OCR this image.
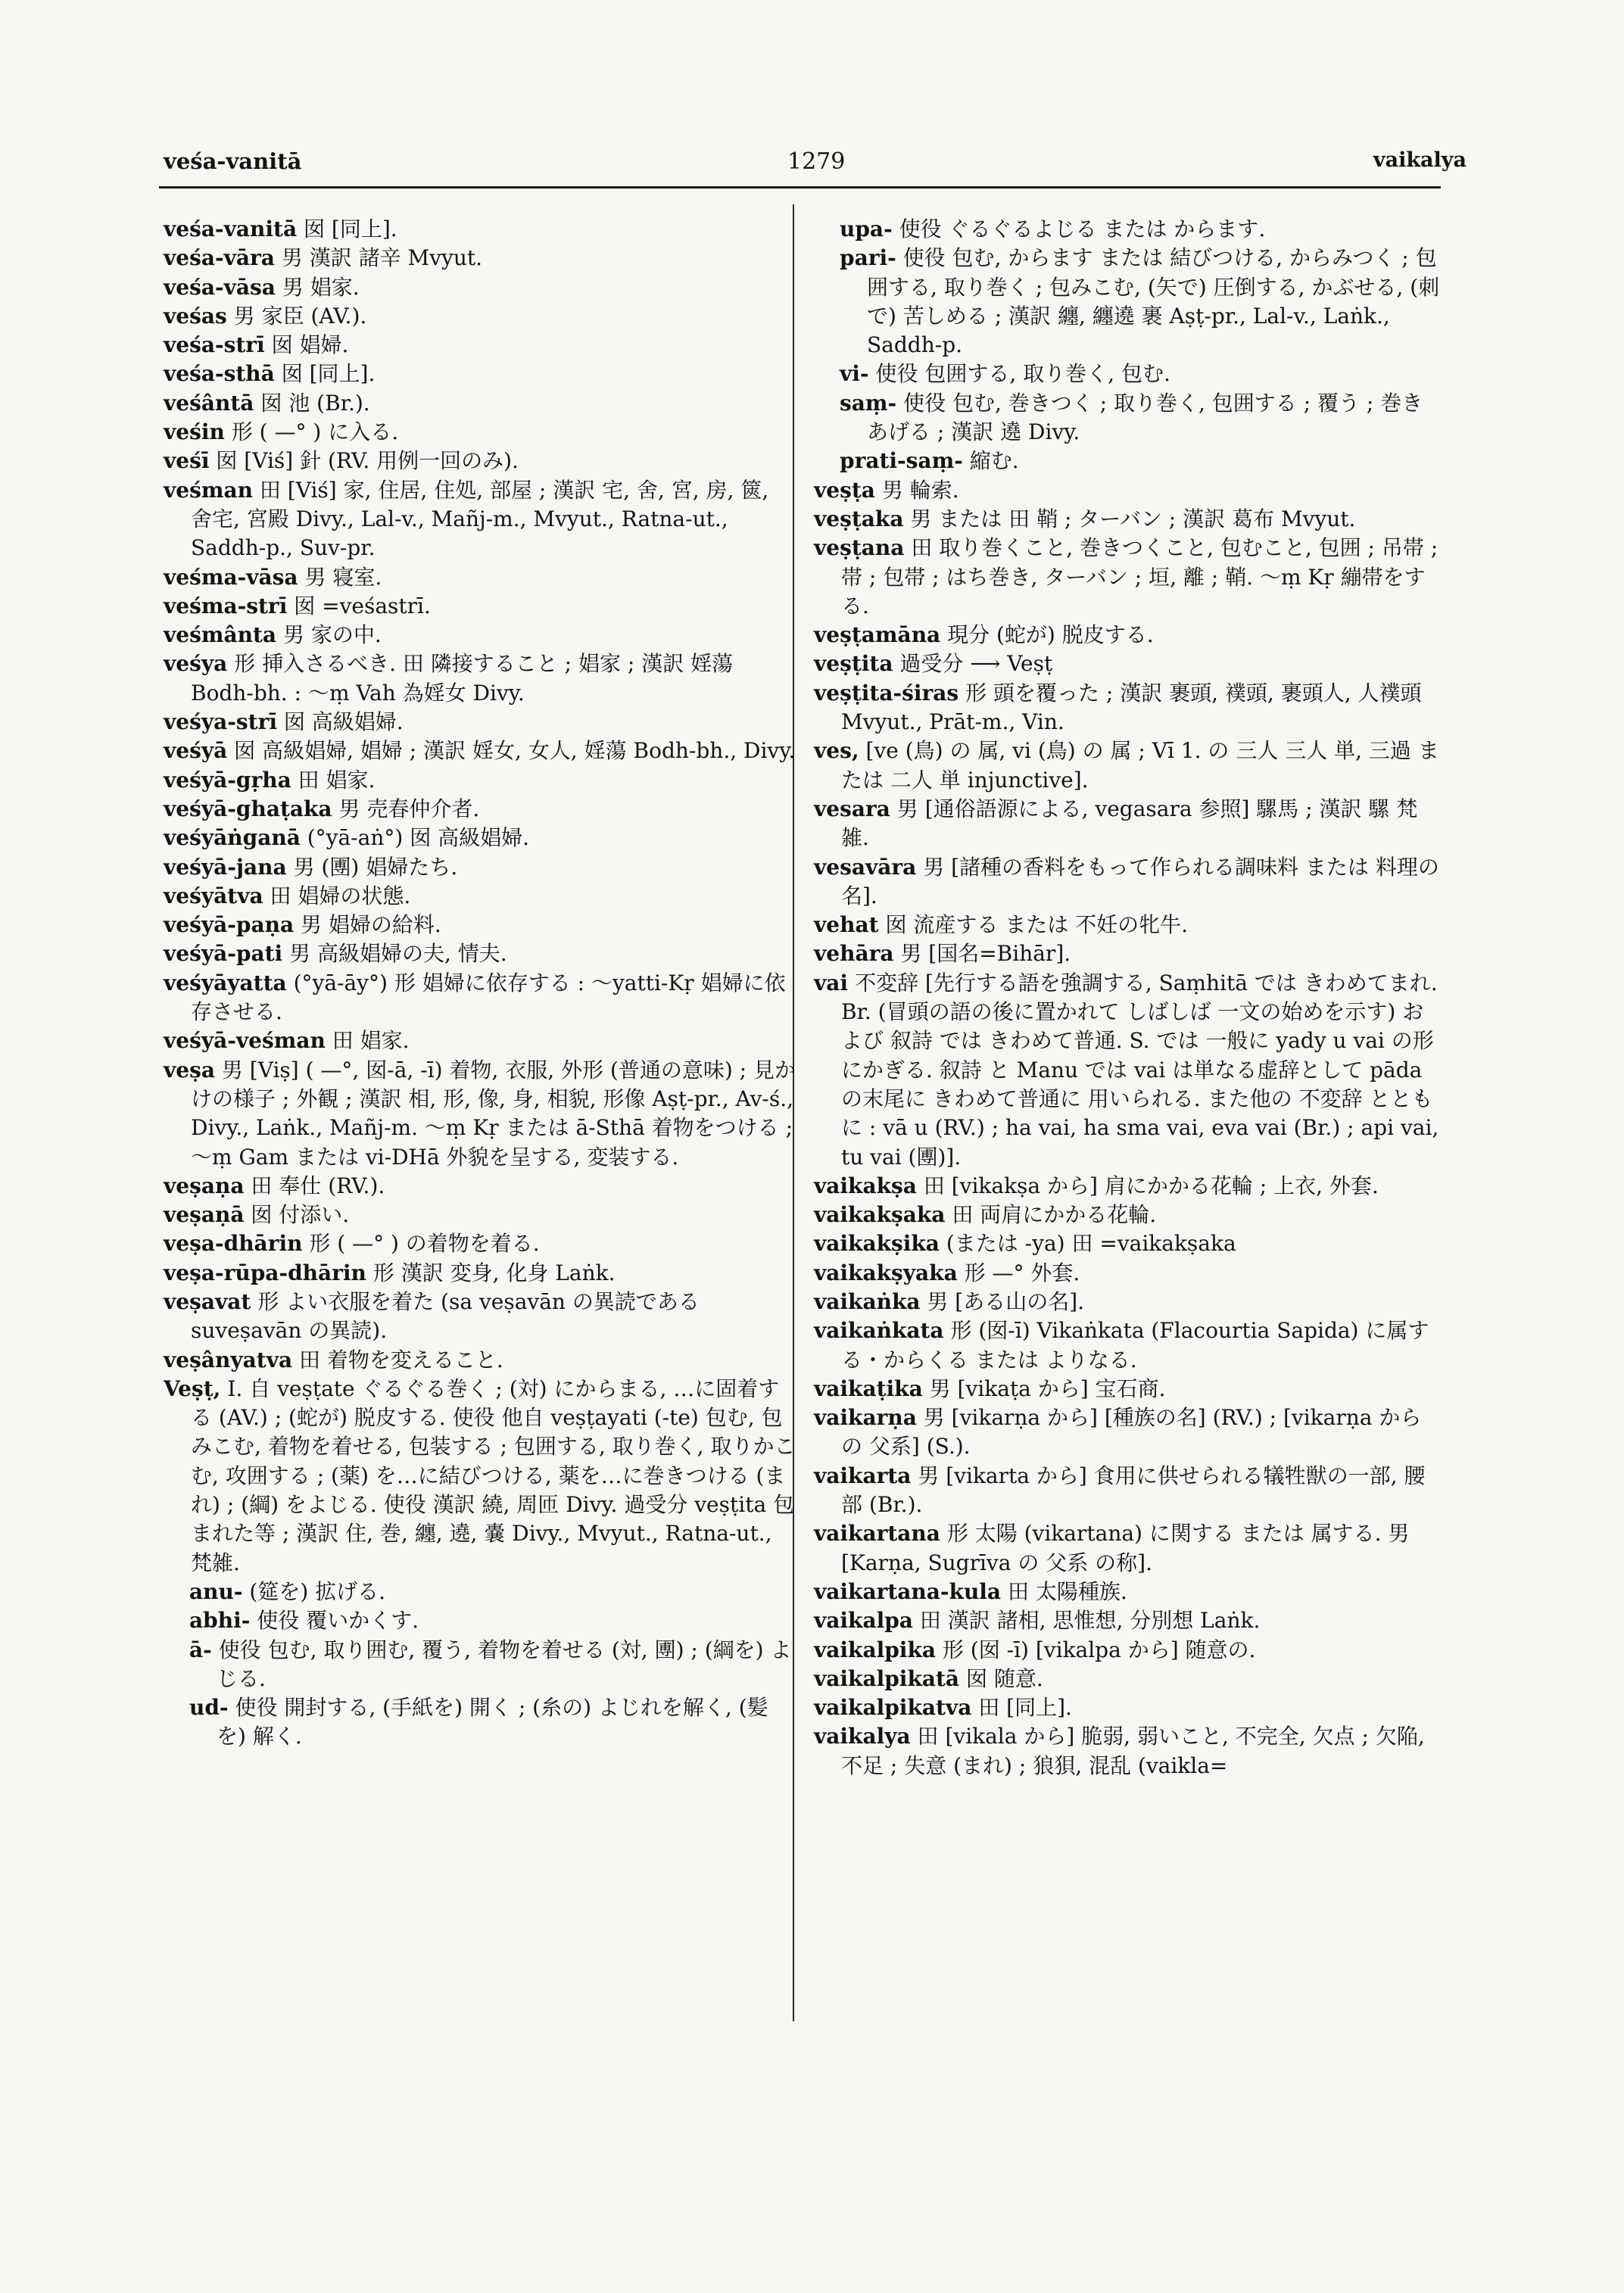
veśa-vanitā	1279	vaikalya

veśa-vanitā 囡 [同上].

veśa-vāra 男 漢訳 諸辛 Mvyut.

veśa-vāsa 男 娼家.

veśas 男 家臣 (AV.).

veśa-strī 囡 娼婦.

veśa-sthā 囡 [同上].

veśântā 囡 池 (Br.).

veśin 形 ( —° ) に入る.

veśī 囡 [Viś] 針 (RV. 用例一回のみ).

veśman 田 [Viś] 家, 住居, 住処, 部屋 ; 漢訳 宅, 舍, 宮, 房, 篋, 舍宅, 宮殿 Divy., Lal-v., Mañj-m., Mvyut., Ratna-ut., Saddh-p., Suv-pr.

veśma-vāsa 男 寝室.

veśma-strī 囡 =veśastrī.

veśmânta 男 家の中.

veśya 形 挿入さるべき. 田 隣接すること ; 娼家 ; 漢訳 婬蕩 Bodh-bh. : ～ṃ Vah 為婬女 Divy.

veśya-strī 囡 高級娼婦.

veśyā 囡 高級娼婦, 娼婦 ; 漢訳 婬女, 女人, 婬蕩 Bodh-bh., Divy.

veśyā-gṛha 田 娼家.

veśyā-ghaṭaka 男 売春仲介者.

veśyāṅganā (°yā-aṅ°) 囡 高級娼婦.

veśyā-jana 男 (圑) 娼婦たち.

veśyātva 田 娼婦の状態.

veśyā-paṇa 男 娼婦の給料.

veśyā-pati 男 高級娼婦の夫, 情夫.

veśyāyatta (°yā-āy°) 形 娼婦に依存する : ～yatti-Kṛ 娼婦に依存させる.

veśyā-veśman 田 娼家.

veṣa 男 [Viṣ] ( —°, 囡-ā, -ī) 着物, 衣服, 外形 (普通の意味) ; 見かけの様子 ; 外観 ; 漢訳 相, 形, 像, 身, 相貌, 形像 Aṣṭ-pr., Av-ś., Divy., Laṅk., Mañj-m. ～ṃ Kṛ または ā-Sthā 着物をつける ; ～ṃ Gam または vi-DHā 外貌を呈する, 変装する.

veṣaṇa 田 奉仕 (RV.).

veṣaṇā 囡 付添い.

veṣa-dhārin 形 ( —° ) の着物を着る.

veṣa-rūpa-dhārin 形 漢訳 変身, 化身 Laṅk.

veṣavat 形 よい衣服を着た (sa veṣavān の異読である suveṣavān の異読).

veṣânyatva 田 着物を変えること.

Veṣṭ, I. 自 veṣṭate ぐるぐる巻く ; (対) にからまる, …に固着する (AV.) ; (蛇が) 脱皮する. 使役 他自 veṣṭayati (-te) 包む, 包みこむ, 着物を着せる, 包装する ; 包囲する, 取り巻く, 取りかこむ, 攻囲する ; (薬) を…に結びつける, 薬を…に巻きつける (まれ) ; (綱) をよじる. 使役 漢訳 繞, 周匝 Divy. 過受分 veṣṭita 包まれた等 ; 漢訳 住, 巻, 纏, 遶, 嚢 Divy., Mvyut., Ratna-ut., 梵雑.

anu- (筵を) 拡げる.

abhi- 使役 覆いかくす.

ā- 使役 包む, 取り囲む, 覆う, 着物を着せる (対, 圑) ; (綱を) よじる.

ud- 使役 開封する, (手紙を) 開く ; (糸の) よじれを解く, (髪を) 解く.

upa- 使役 ぐるぐるよじる または からます.

pari- 使役 包む, からます または 結びつける, からみつく ; 包囲する, 取り巻く ; 包みこむ, (矢で) 圧倒する, かぶせる, (刺で) 苦しめる ; 漢訳 纏, 纏遶 裹 Aṣṭ-pr., Lal-v., Laṅk., Saddh-p.

vi- 使役 包囲する, 取り巻く, 包む.

saṃ- 使役 包む, 巻きつく ; 取り巻く, 包囲する ; 覆う ; 巻きあげる ; 漢訳 遶 Divy.

prati-saṃ- 縮む.

veṣṭa 男 輪索.

veṣṭaka 男 または 田 鞘 ; ターバン ; 漢訳 葛布 Mvyut.

veṣṭana 田 取り巻くこと, 巻きつくこと, 包むこと, 包囲 ; 吊帯 ; 帯 ; 包帯 ; はち巻き, ターバン ; 垣, 離 ; 鞘. ～ṃ Kṛ 繃帯をする.

veṣṭamāna 現分 (蛇が) 脱皮する.

veṣṭita 過受分 ⟶ Veṣṭ

veṣṭita-śiras 形 頭を覆った ; 漢訳 裹頭, 襆頭, 裹頭人, 人襆頭 Mvyut., Prāt-m., Vin.

ves, [ve (鳥) の 属, vi (鳥) の 属 ; Vī 1. の 三人 三人 単, 三過 または 二人 単 injunctive].

vesara 男 [通俗語源による, vegasara 参照] 騾馬 ; 漢訳 騾 梵雑.

vesavāra 男 [諸種の香料をもって作られる調味料 または 料理の名].

vehat 囡 流産する または 不妊の牝牛.

vehāra 男 [国名=Bihār].

vai 不変辞 [先行する語を強調する, Saṃhitā では きわめてまれ. Br. (冒頭の語の後に置かれて しばしば 一文の始めを示す) および 叙詩 では きわめて普通. S. では 一般に yady u vai の形にかぎる. 叙詩 と Manu では vai は単なる虚辞として pāda の末尾に きわめて普通に 用いられる. また他の 不変辞 とともに : vā u (RV.) ; ha vai, ha sma vai, eva vai (Br.) ; api vai, tu vai (圑)].

vaikakṣa 田 [vikakṣa から] 肩にかかる花輪 ; 上衣, 外套.

vaikakṣaka 田 両肩にかかる花輪.

vaikakṣika (または -ya) 田 =vaikakṣaka

vaikakṣyaka 形 —° 外套.

vaikaṅka 男 [ある山の名].

vaikaṅkata 形 (囡-ī) Vikaṅkata (Flacourtia Sapida) に属する・からくる または よりなる.

vaikaṭika 男 [vikaṭa から] 宝石商.

vaikarṇa 男 [vikarṇa から] [種族の名] (RV.) ; [vikarṇa からの 父系] (S.).

vaikarta 男 [vikarta から] 食用に供せられる犠牲獣の一部, 腰部 (Br.).

vaikartana 形 太陽 (vikartana) に関する または 属する. 男 [Karṇa, Sugrīva の 父系 の称].

vaikartana-kula 田 太陽種族.

vaikalpa 田 漢訳 諸相, 思惟想, 分別想 Laṅk.

vaikalpika 形 (囡 -ī) [vikalpa から] 随意の.

vaikalpikatā 囡 随意.

vaikalpikatva 田 [同上].

vaikalya 田 [vikala から] 脆弱, 弱いこと, 不完全, 欠点 ; 欠陥, 不足 ; 失意 (まれ) ; 狼狽, 混乱 (vaikla=
